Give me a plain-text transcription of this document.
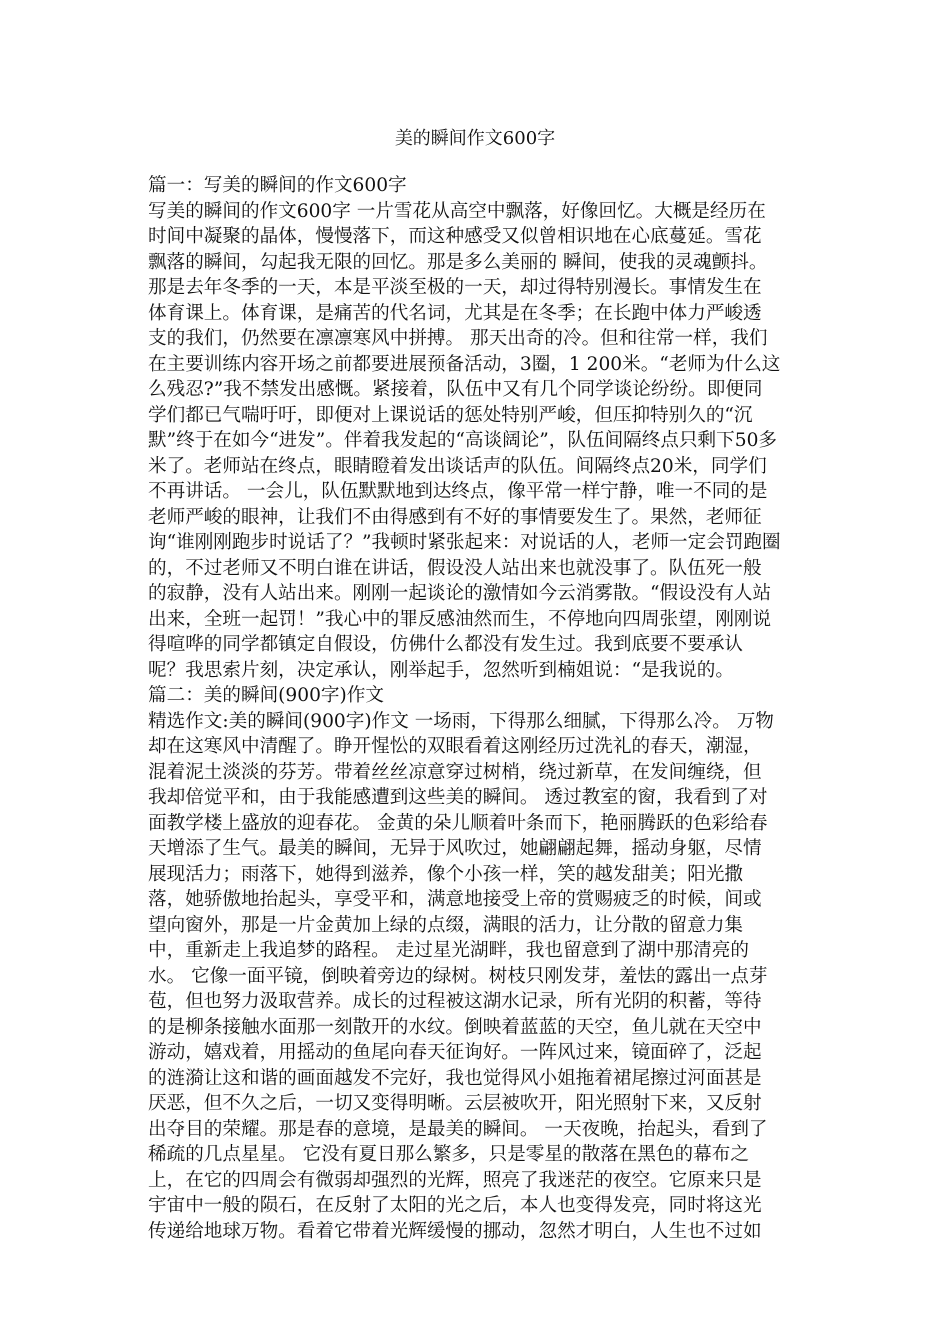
美的瞬间作文600字

篇一：写美的瞬间的作文600字

写美的瞬间的作文600字 一片雪花从高空中飘落，好像回忆。大概是经历在

时间中凝聚的晶体，慢慢落下，而这种感受又似曾相识地在心底蔓延。雪花

飘落的瞬间，勾起我无限的回忆。那是多么美丽的 瞬间，使我的灵魂颤抖。

那是去年冬季的一天，本是平淡至极的一天，却过得特别漫长。事情发生在

体育课上。体育课，是痛苦的代名词，尤其是在冬季；在长跑中体力严峻透

支的我们，仍然要在凛凛寒风中拼搏。 那天出奇的冷。但和往常一样，我们

在主要训练内容开场之前都要进展预备活动，3圈，1 200米。“老师为什么这

么残忍?”我不禁发出感慨。紧接着，队伍中又有几个同学谈论纷纷。即便同

学们都已气喘吁吁，即便对上课说话的惩处特别严峻，但压抑特别久的“沉

默”终于在如今“进发”。伴着我发起的“高谈阔论”，队伍间隔终点只剩下50多

米了。老师站在终点，眼睛瞪着发出谈话声的队伍。间隔终点20米，同学们

不再讲话。 一会儿，队伍默默地到达终点，像平常一样宁静，唯一不同的是

老师严峻的眼神，让我们不由得感到有不好的事情要发生了。果然，老师征

询“谁刚刚跑步时说话了？”我顿时紧张起来：对说话的人，老师一定会罚跑圈

的，不过老师又不明白谁在讲话，假设没人站出来也就没事了。队伍死一般

的寂静，没有人站出来。刚刚一起谈论的激情如今云消雾散。“假设没有人站

出来，全班一起罚！”我心中的罪反感油然而生，不停地向四周张望，刚刚说

得喧哗的同学都镇定自假设，仿佛什么都没有发生过。我到底要不要承认

呢？我思索片刻，决定承认，刚举起手，忽然听到楠姐说：“是我说的。

篇二：美的瞬间(900字)作文

精选作文:美的瞬间(900字)作文 一场雨，下得那么细腻，下得那么冷。 万物

却在这寒风中清醒了。睁开惺忪的双眼看着这刚经历过洗礼的春天，潮湿，

混着泥土淡淡的芬芳。带着丝丝凉意穿过树梢，绕过新草，在发间缠绕，但

我却倍觉平和，由于我能感遭到这些美的瞬间。 透过教室的窗，我看到了对

面教学楼上盛放的迎春花。 金黄的朵儿顺着叶条而下，艳丽腾跃的色彩给春

天增添了生气。最美的瞬间，无异于风吹过，她翩翩起舞，摇动身躯，尽情

展现活力；雨落下，她得到滋养，像个小孩一样，笑的越发甜美；阳光撒

落，她骄傲地抬起头，享受平和，满意地接受上帝的赏赐疲乏的时候，间或

望向窗外，那是一片金黄加上绿的点缀，满眼的活力，让分散的留意力集

中，重新走上我追梦的路程。 走过星光湖畔，我也留意到了湖中那清亮的

水。 它像一面平镜，倒映着旁边的绿树。树枝只刚发芽，羞怯的露出一点芽

苞，但也努力汲取营养。成长的过程被这湖水记录，所有光阴的积蓄，等待

的是柳条接触水面那一刻散开的水纹。倒映着蓝蓝的天空，鱼儿就在天空中

游动，嬉戏着，用摇动的鱼尾向春天征询好。一阵风过来，镜面碎了，泛起

的涟漪让这和谐的画面越发不完好，我也觉得风小姐拖着裙尾擦过河面甚是

厌恶，但不久之后，一切又变得明晰。云层被吹开，阳光照射下来，又反射

出夺目的荣耀。那是春的意境，是最美的瞬间。 一天夜晚，抬起头，看到了

稀疏的几点星星。 它没有夏日那么繁多，只是零星的散落在黑色的幕布之

上，在它的四周会有微弱却强烈的光辉，照亮了我迷茫的夜空。它原来只是

宇宙中一般的陨石，在反射了太阳的光之后，本人也变得发亮，同时将这光

传递给地球万物。看着它带着光辉缓慢的挪动，忽然才明白，人生也不过如
